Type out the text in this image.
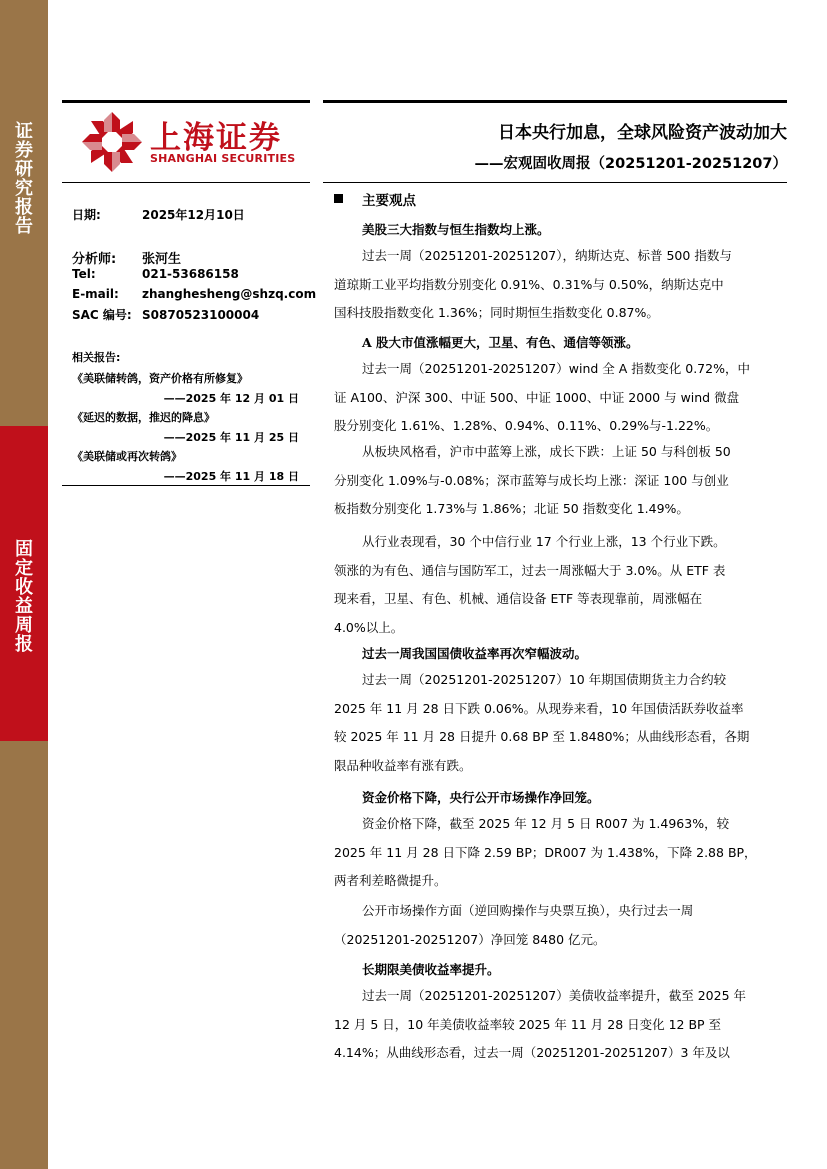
证
券
研
究
报
告
固
定
收
益
周
报
上海证券
SHANGHAI SECURITIES
日本央行加息，全球风险资产波动加大
——宏观固收周报（20251201-20251207）
日期:	2025年12月10日
分析师: 张河生
Tel:	021-53686158
E-mail: zhanghesheng@shzq.com
SAC 编号: S0870523100004
相关报告:
《美联储转鸽，资产价格有所修复》
——2025 年 12 月 01 日
《延迟的数据，推迟的降息》
——2025 年 11 月 25 日
《美联储或再次转鸽》
——2025 年 11 月 18 日
主要观点
美股三大指数与恒生指数均上涨。
过去一周（20251201-20251207），纳斯达克、标普 500 指数与
道琼斯工业平均指数分别变化 0.91%、0.31%与 0.50%，纳斯达克中
国科技股指数变化 1.36%；同时期恒生指数变化 0.87%。
A 股大市值涨幅更大，卫星、有色、通信等领涨。
过去一周（20251201-20251207）wind 全 A 指数变化 0.72%，中
证 A100、沪深 300、中证 500、中证 1000、中证 2000 与 wind 微盘
股分别变化 1.61%、1.28%、0.94%、0.11%、0.29%与-1.22%。
从板块风格看，沪市中蓝筹上涨，成长下跌：上证 50 与科创板 50
分别变化 1.09%与-0.08%；深市蓝筹与成长均上涨：深证 100 与创业
板指数分别变化 1.73%与 1.86%；北证 50 指数变化 1.49%。
从行业表现看，30 个中信行业 17 个行业上涨，13 个行业下跌。
领涨的为有色、通信与国防军工，过去一周涨幅大于 3.0%。从 ETF 表
现来看，卫星、有色、机械、通信设备 ETF 等表现靠前，周涨幅在
4.0%以上。
过去一周我国国债收益率再次窄幅波动。
过去一周（20251201-20251207）10 年期国债期货主力合约较
2025 年 11 月 28 日下跌 0.06%。从现券来看，10 年国债活跃券收益率
较 2025 年 11 月 28 日提升 0.68 BP 至 1.8480%；从曲线形态看，各期
限品种收益率有涨有跌。
资金价格下降，央行公开市场操作净回笼。
资金价格下降，截至 2025 年 12 月 5 日 R007 为 1.4963%，较
2025 年 11 月 28 日下降 2.59 BP；DR007 为 1.438%，下降 2.88 BP，
两者利差略微提升。
公开市场操作方面（逆回购操作与央票互换），央行过去一周
（20251201-20251207）净回笼 8480 亿元。
长期限美债收益率提升。
过去一周（20251201-20251207）美债收益率提升，截至 2025 年
12 月 5 日，10 年美债收益率较 2025 年 11 月 28 日变化 12 BP 至
4.14%；从曲线形态看，过去一周（20251201-20251207）3 年及以
